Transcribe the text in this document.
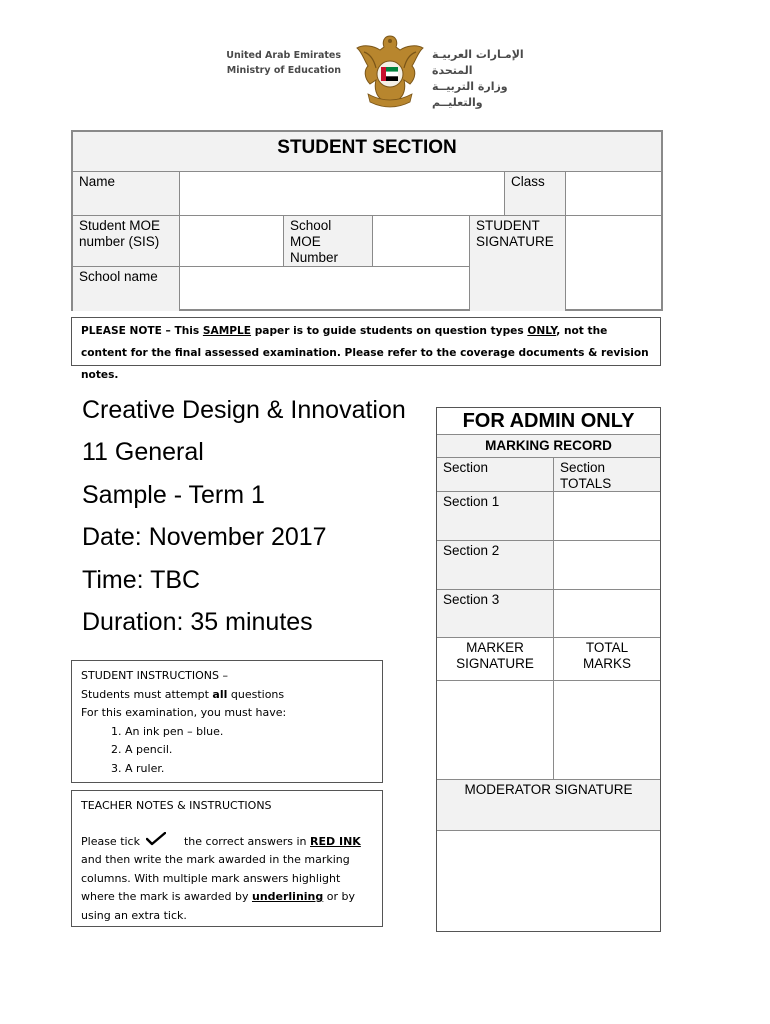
United Arab Emirates
Ministry of Education
الإمـارات العربيـة المتحدة
وزارة التربيــة والتعليــم
STUDENT SECTION
Name	Class
Student MOE number (SIS)
School MOE Number
STUDENT SIGNATURE
School name
PLEASE NOTE – This SAMPLE paper is to guide students on question types ONLY, not the content for the final assessed examination. Please refer to the coverage documents & revision notes.
Creative Design & Innovation
11 General
Sample - Term 1
Date: November 2017
Time: TBC
Duration: 35 minutes
STUDENT INSTRUCTIONS –
Students must attempt all questions
For this examination, you must have:
1. An ink pen – blue.
2. A pencil.
3. A ruler.
TEACHER NOTES & INSTRUCTIONS
Please tick	the correct answers in RED INK and then write the mark awarded in the marking columns. With multiple mark answers highlight where the mark is awarded by underlining or by using an extra tick.
FOR ADMIN ONLY
MARKING RECORD
Section	Section TOTALS
Section 1
Section 2
Section 3
MARKER SIGNATURE
TOTAL MARKS
MODERATOR SIGNATURE
